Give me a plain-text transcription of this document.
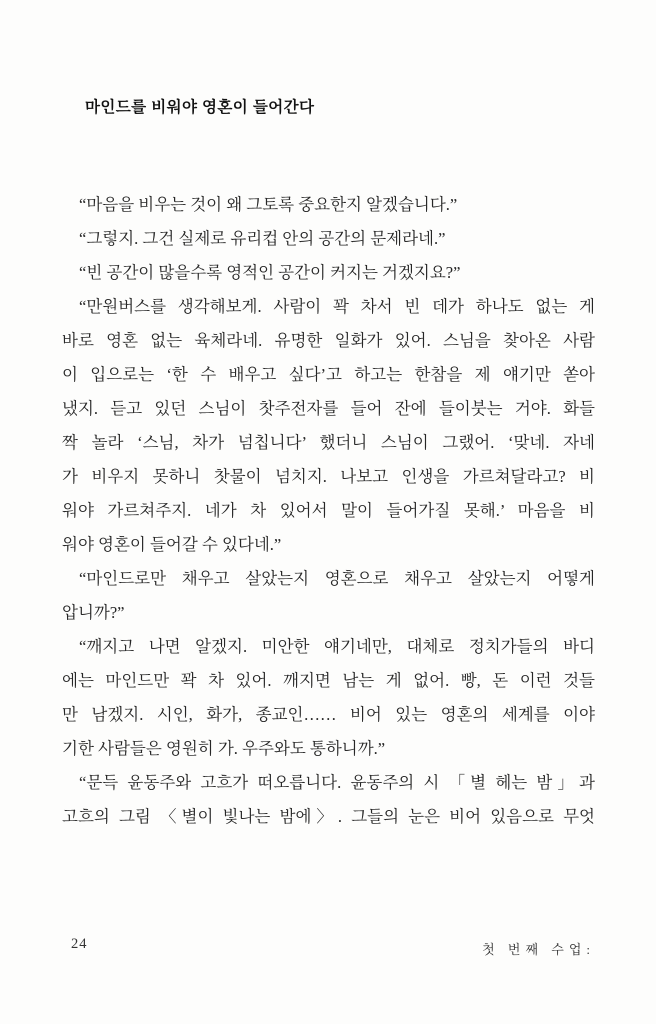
마인드를 비워야 영혼이 들어간다
“마음을 비우는 것이 왜 그토록 중요한지 알겠습니다.”
“그렇지. 그건 실제로 유리컵 안의 공간의 문제라네.”
“빈 공간이 많을수록 영적인 공간이 커지는 거겠지요?”
“만원버스를 생각해보게. 사람이 꽉 차서 빈 데가 하나도 없는 게
바로 영혼 없는 육체라네. 유명한 일화가 있어. 스님을 찾아온 사람
이 입으로는 ‘한 수 배우고 싶다’고 하고는 한참을 제 얘기만 쏟아
냈지. 듣고 있던 스님이 찻주전자를 들어 잔에 들이붓는 거야. 화들
짝 놀라 ‘스님, 차가 넘칩니다’ 했더니 스님이 그랬어. ‘맞네. 자네
가 비우지 못하니 찻물이 넘치지. 나보고 인생을 가르쳐달라고? 비
워야 가르쳐주지. 네가 차 있어서 말이 들어가질 못해.’ 마음을 비
워야 영혼이 들어갈 수 있다네.”
“마인드로만 채우고 살았는지 영혼으로 채우고 살았는지 어떻게
압니까?”
“깨지고 나면 알겠지. 미안한 얘기네만, 대체로 정치가들의 바디
에는 마인드만 꽉 차 있어. 깨지면 남는 게 없어. 빵, 돈 이런 것들
만 남겠지. 시인, 화가, 종교인…… 비어 있는 영혼의 세계를 이야
기한 사람들은 영원히 가. 우주와도 통하니까.”
“문득 윤동주와 고흐가 떠오릅니다. 윤동주의 시 「별 헤는 밤」과
고흐의 그림 〈별이 빛나는 밤에〉. 그들의 눈은 비어 있음으로 무엇
24	첫 번째 수업:
